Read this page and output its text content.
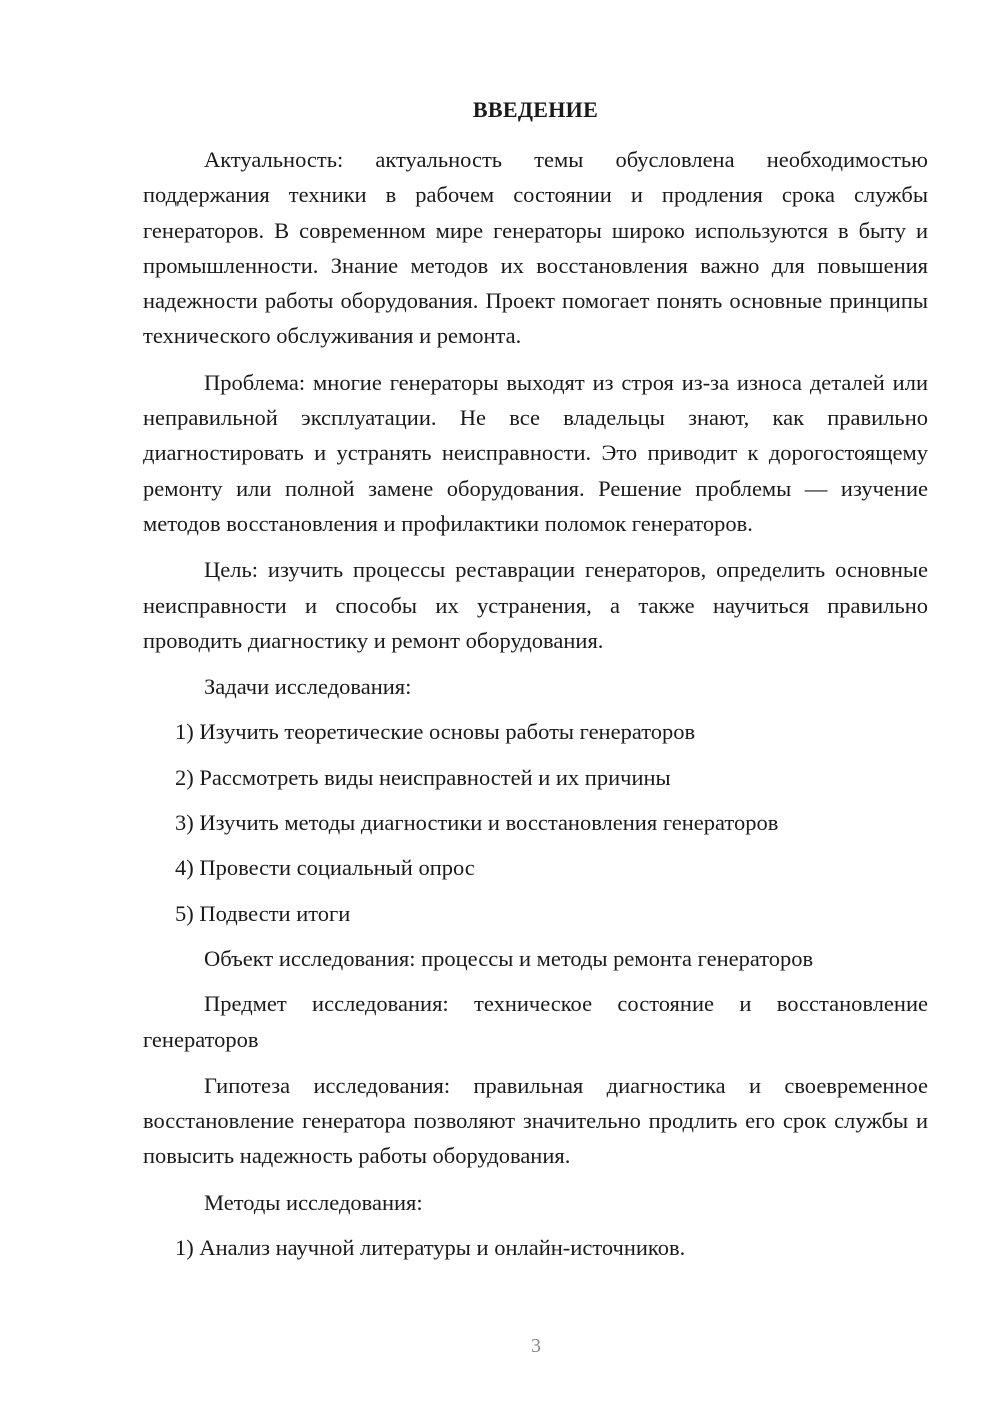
ВВЕДЕНИЕ

Актуальность: актуальность темы обусловлена необходимостью поддержания техники в рабочем состоянии и продления срока службы генераторов. В современном мире генераторы широко используются в быту и промышленности. Знание методов их восстановления важно для повышения надежности работы оборудования. Проект помогает понять основные принципы технического обслуживания и ремонта.

Проблема: многие генераторы выходят из строя из-за износа деталей или неправильной эксплуатации. Не все владельцы знают, как правильно диагностировать и устранять неисправности. Это приводит к дорогостоящему ремонту или полной замене оборудования. Решение проблемы — изучение методов восстановления и профилактики поломок генераторов.

Цель: изучить процессы реставрации генераторов, определить основные неисправности и способы их устранения, а также научиться правильно проводить диагностику и ремонт оборудования.

Задачи исследования:
1) Изучить теоретические основы работы генераторов
2) Рассмотреть виды неисправностей и их причины
3) Изучить методы диагностики и восстановления генераторов
4) Провести социальный опрос
5) Подвести итоги
Объект исследования: процессы и методы ремонта генераторов

Предмет исследования: техническое состояние и восстановление генераторов

Гипотеза исследования: правильная диагностика и своевременное восстановление генератора позволяют значительно продлить его срок службы и повысить надежность работы оборудования.

Методы исследования:
1) Анализ научной литературы и онлайн-источников.
3
